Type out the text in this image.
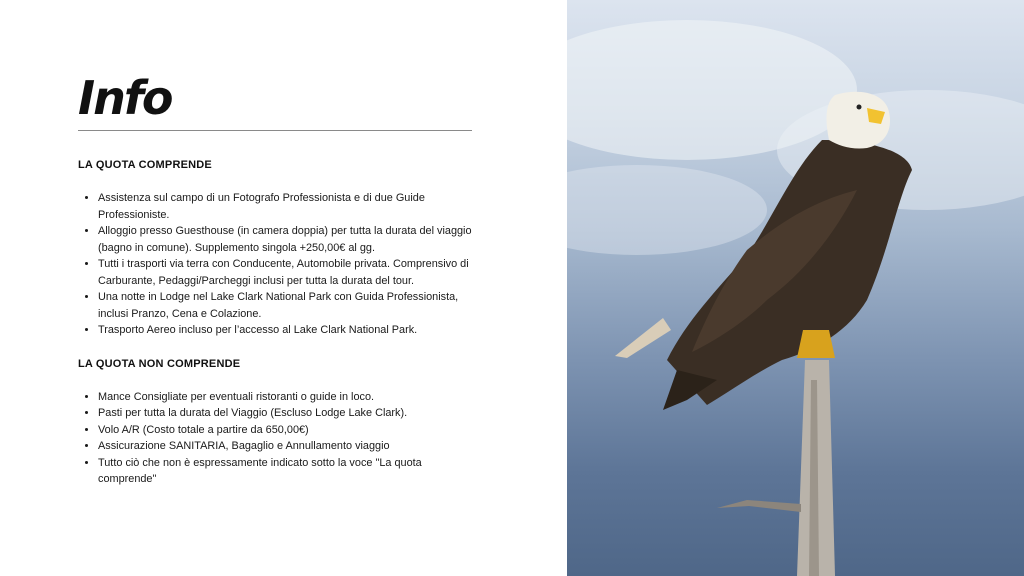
Info

LA QUOTA COMPRENDE

• Assistenza sul campo di un Fotografo Professionista e di due Guide Professioniste.
• Alloggio presso Guesthouse (in camera doppia) per tutta la durata del viaggio (bagno in comune). Supplemento singola +250,00€ al gg.
• Tutti i trasporti via terra con Conducente, Automobile privata. Comprensivo di Carburante, Pedaggi/Parcheggi inclusi per tutta la durata del tour.
• Una notte in Lodge nel Lake Clark National Park con Guida Professionista, inclusi Pranzo, Cena e Colazione.
• Trasporto Aereo incluso per l’accesso al Lake Clark National Park.

LA QUOTA NON COMPRENDE

• Mance Consigliate per eventuali ristoranti o guide in loco.
• Pasti per tutta la durata del Viaggio (Escluso Lodge Lake Clark).
• Volo A/R (Costo totale a partire da 650,00€)
• Assicurazione SANITARIA, Bagaglio e Annullamento viaggio
• Tutto ciò che non è espressamente indicato sotto la voce "La quota comprende"
